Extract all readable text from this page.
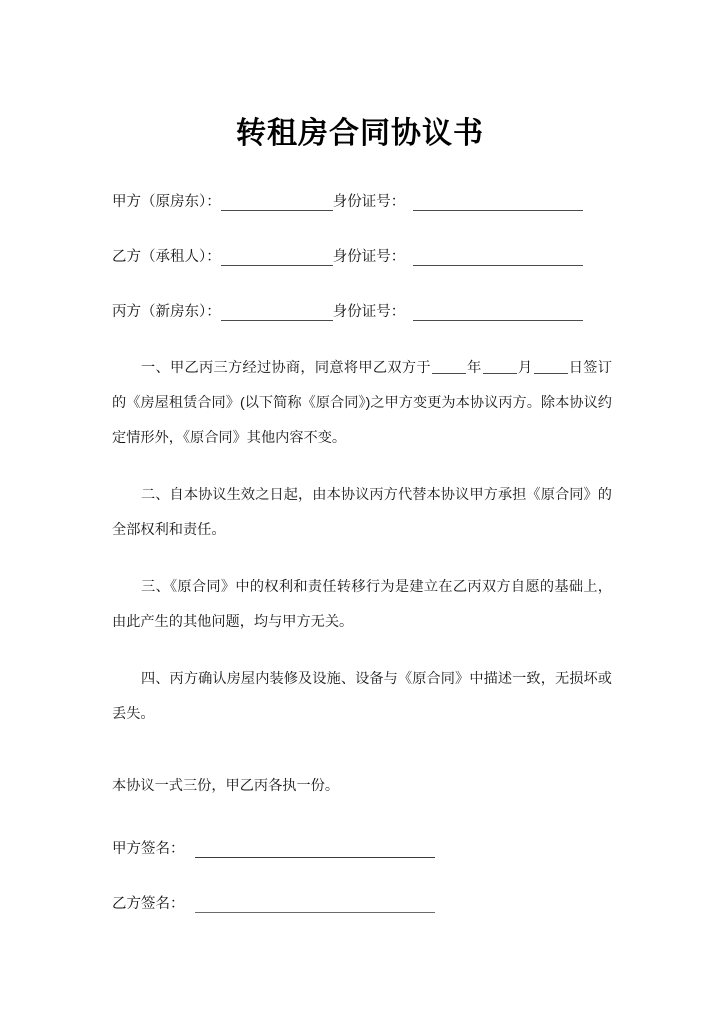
转租房合同协议书
甲方（原房东）：	身份证号：
乙方（承租人）：	身份证号：
丙方（新房东）：	身份证号：

一、甲乙丙三方经过协商，同意将甲乙双方于	年	月	日签订的《房屋租赁合同》(以下简称《原合同》)之甲方变更为本协议丙方。除本协议约定情形外，《原合同》其他内容不变。

二、自本协议生效之日起，由本协议丙方代替本协议甲方承担《原合同》的全部权利和责任。

三、《原合同》中的权利和责任转移行为是建立在乙丙双方自愿的基础上，由此产生的其他问题，均与甲方无关。

四、丙方确认房屋内装修及设施、设备与《原合同》中描述一致，无损坏或丢失。

本协议一式三份，甲乙丙各执一份。
甲方签名：
乙方签名：
